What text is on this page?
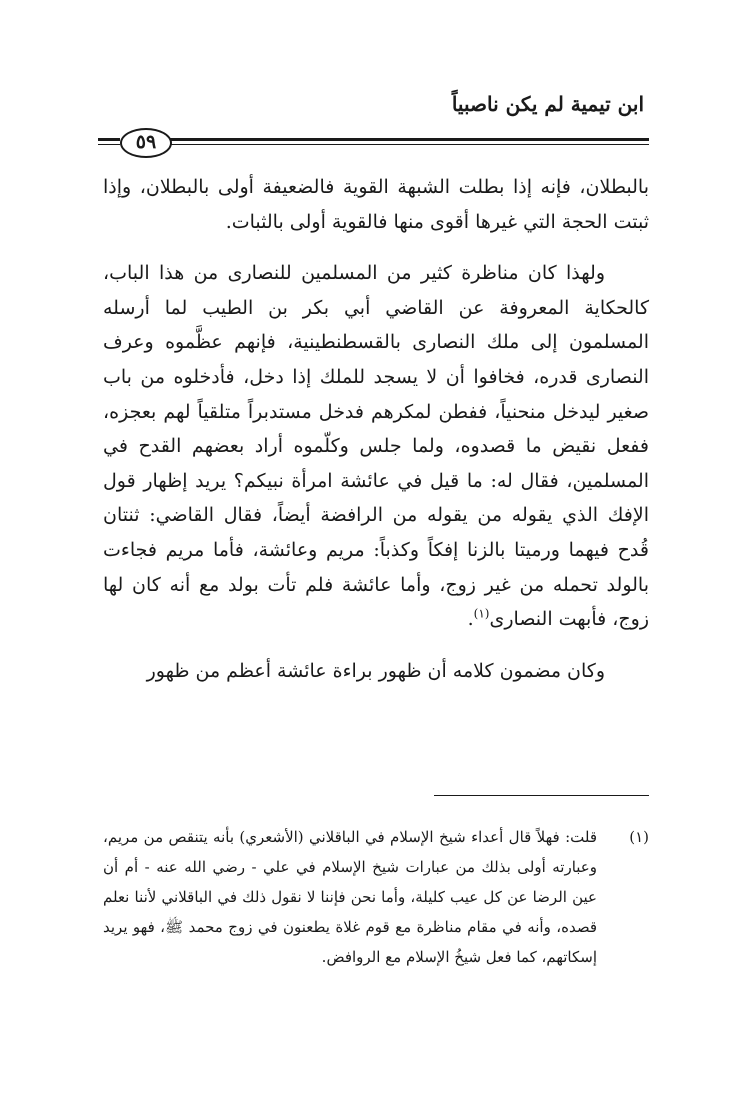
ابن تيمية لم يكن ناصبياً
٥٩

بالبطلان، فإنه إذا بطلت الشبهة القوية فالضعيفة أولى بالبطلان، وإذا ثبتت الحجة التي غيرها أقوى منها فالقوية أولى بالثبات.

ولهذا كان مناظرة كثير من المسلمين للنصارى من هذا الباب، كالحكاية المعروفة عن القاضي أبي بكر بن الطيب لما أرسله المسلمون إلى ملك النصارى بالقسطنطينية، فإنهم عظَّموه وعرف النصارى قدره، فخافوا أن لا يسجد للملك إذا دخل، فأدخلوه من باب صغير ليدخل منحنياً، ففطن لمكرهم فدخل مستدبراً متلقياً لهم بعجزه، ففعل نقيض ما قصدوه، ولما جلس وكلّموه أراد بعضهم القدح في المسلمين، فقال له: ما قيل في عائشة امرأة نبيكم؟ يريد إظهار قول الإفك الذي يقوله من يقوله من الرافضة أيضاً، فقال القاضي: ثنتان قُدح فيهما ورميتا بالزنا إفكاً وكذباً: مريم وعائشة، فأما مريم فجاءت بالولد تحمله من غير زوج، وأما عائشة فلم تأت بولد مع أنه كان لها زوج، فأبهت النصارى$^{(١)}$.

وكان مضمون كلامه أن ظهور براءة عائشة أعظم من ظهور

(١)
قلت: فهلاً قال أعداء شيخ الإسلام في الباقلاني (الأشعري) بأنه يتنقص من مريم، وعبارته أولى بذلك من عبارات شيخ الإسلام في علي - رضي الله عنه - أم أن عين الرضا عن كل عيب كليلة، وأما نحن فإننا لا نقول ذلك في الباقلاني لأننا نعلم قصده، وأنه في مقام مناظرة مع قوم غلاة يطعنون في زوج محمد ﷺ، فهو يريد إسكاتهم، كما فعل شيخُ الإسلام مع الروافض.
